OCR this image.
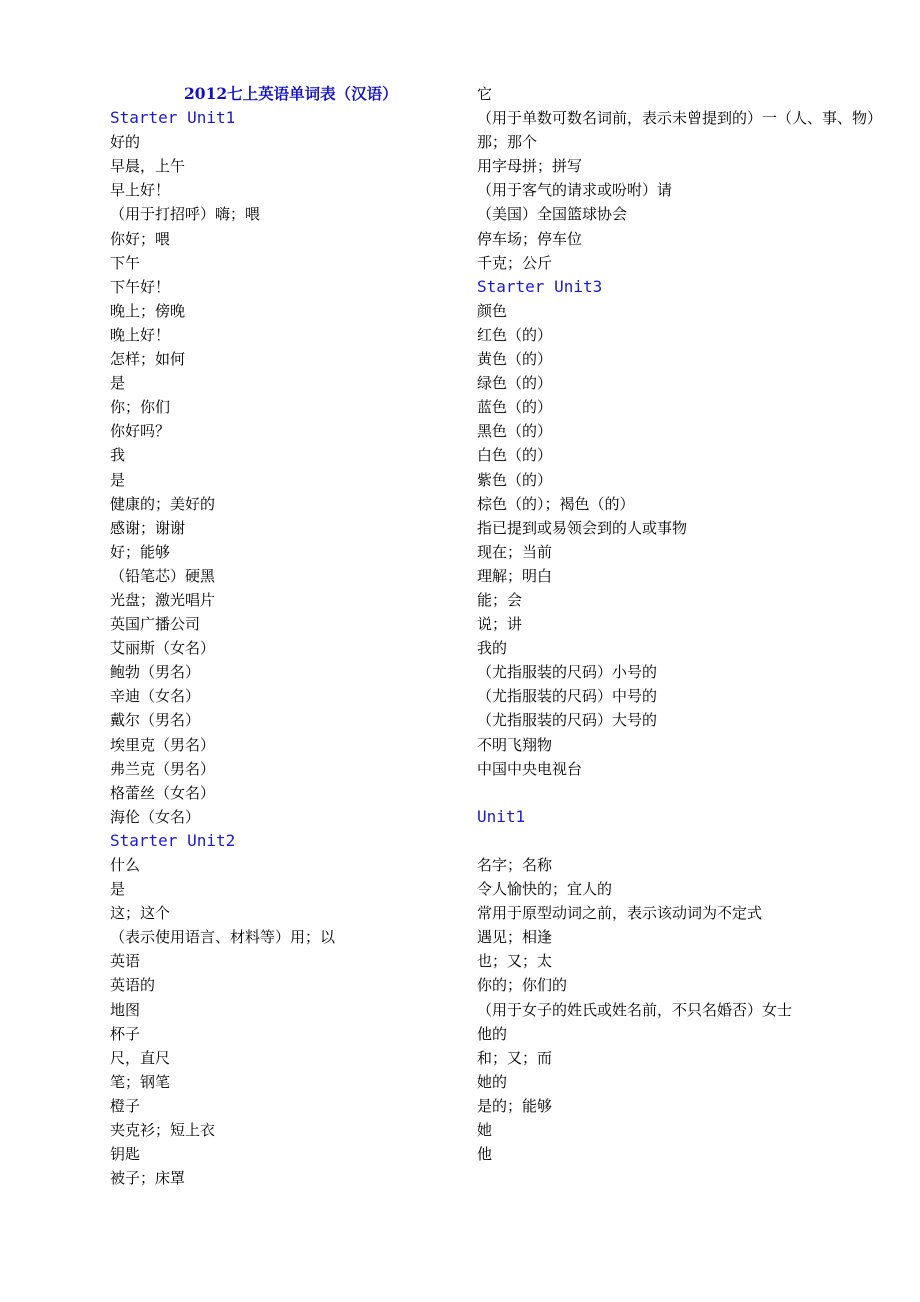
2012七上英语单词表（汉语）
Starter Unit1
好的
早晨，上午
早上好！
（用于打招呼）嗨；喂
你好；喂
下午
下午好！
晚上；傍晚
晚上好！
怎样；如何
是
你；你们
你好吗？
我
是
健康的；美好的
感谢；谢谢
好；能够
（铅笔芯）硬黑
光盘；激光唱片
英国广播公司
艾丽斯（女名）
鲍勃（男名）
辛迪（女名）
戴尔（男名）
埃里克（男名）
弗兰克（男名）
格蕾丝（女名）
海伦（女名）
Starter Unit2
什么
是
这；这个
（表示使用语言、材料等）用；以
英语
英语的
地图
杯子
尺，直尺
笔；钢笔
橙子
夹克衫；短上衣
钥匙
被子；床罩
它
（用于单数可数名词前，表示未曾提到的）一（人、事、物）
那；那个
用字母拼；拼写
（用于客气的请求或吩咐）请
（美国）全国篮球协会
停车场；停车位
千克；公斤
Starter Unit3
颜色
红色（的）
黄色（的）
绿色（的）
蓝色（的）
黑色（的）
白色（的）
紫色（的）
棕色（的）；褐色（的）
指已提到或易领会到的人或事物
现在；当前
理解；明白
能；会
说；讲
我的
（尤指服装的尺码）小号的
（尤指服装的尺码）中号的
（尤指服装的尺码）大号的
不明飞翔物
中国中央电视台
Unit1
名字；名称
令人愉快的；宜人的
常用于原型动词之前，表示该动词为不定式
遇见；相逢
也；又；太
你的；你们的
（用于女子的姓氏或姓名前，不只名婚否）女士
他的
和；又；而
她的
是的；能够
她
他
